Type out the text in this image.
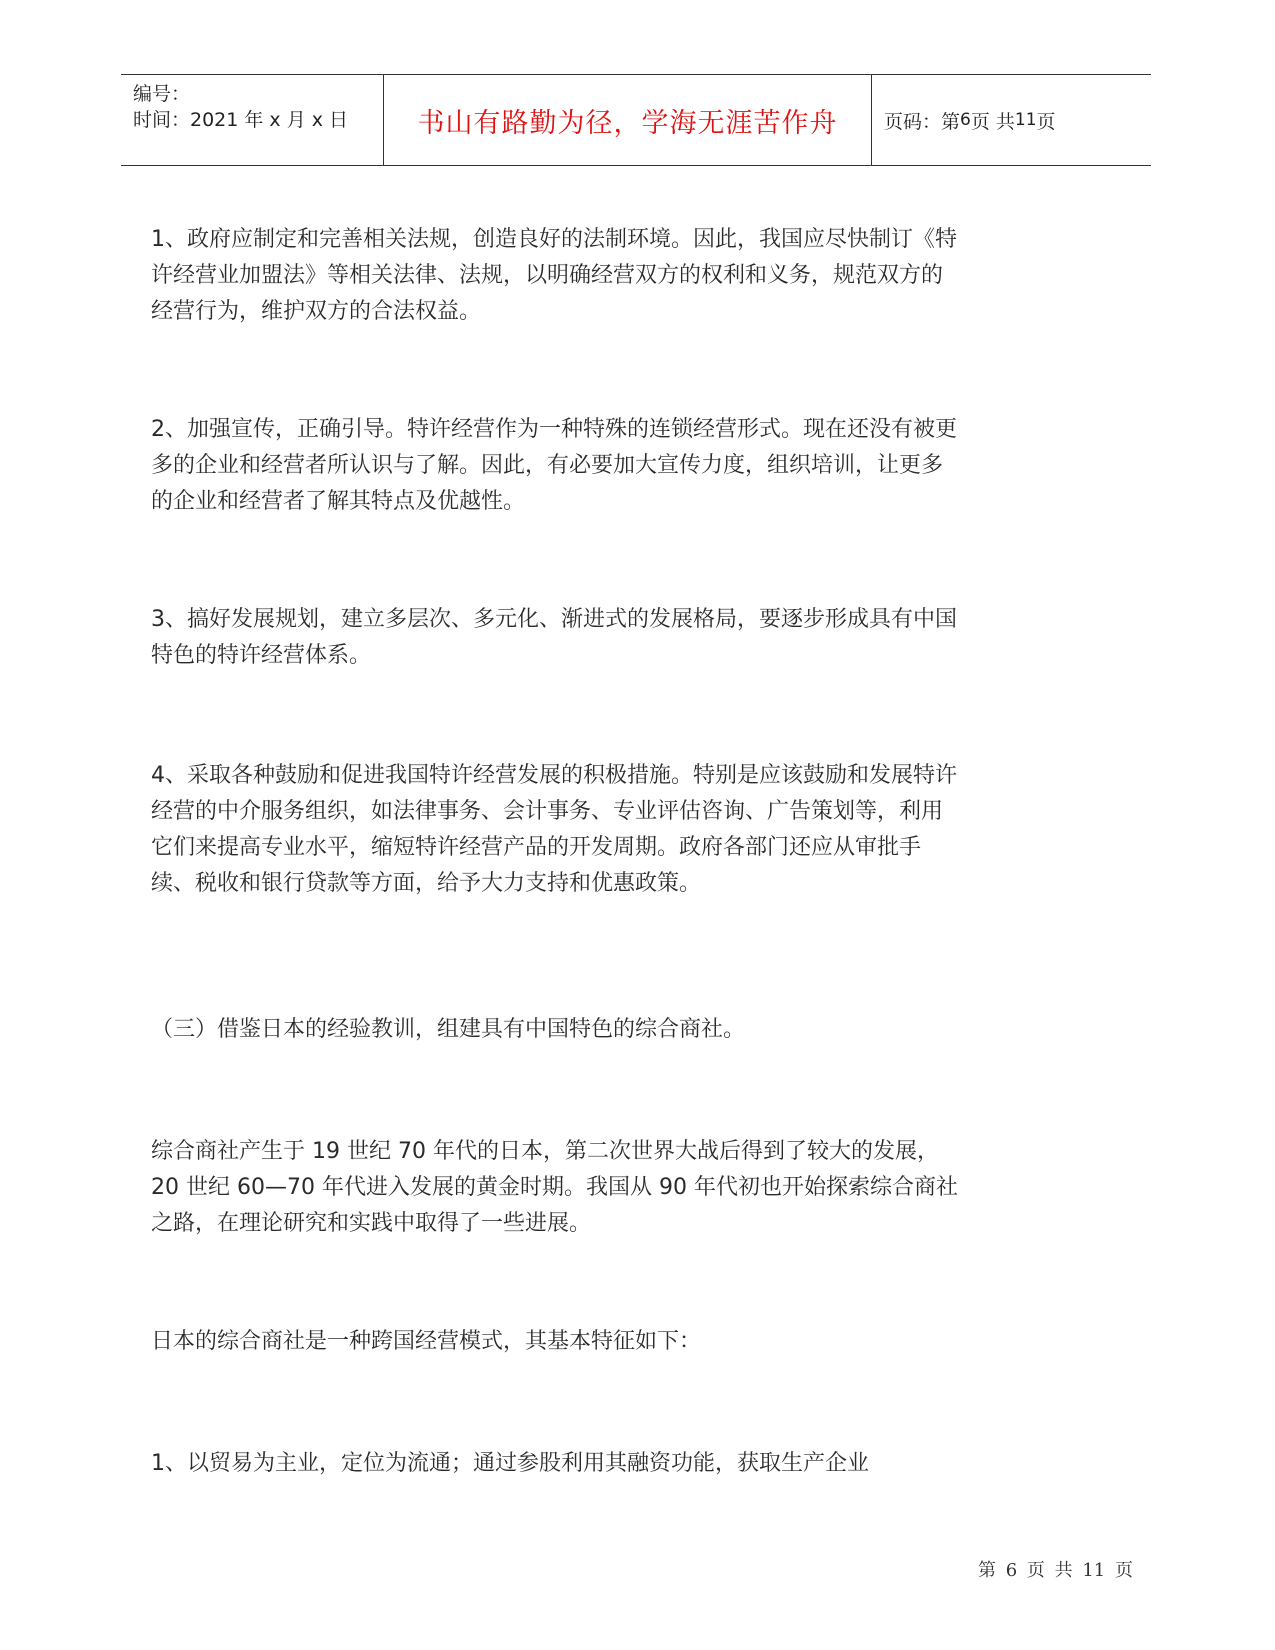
编号：
时间：2021 年 x 月 x 日	书山有路勤为径，学海无涯苦作舟 页码：第 6 页 共 11 页

1、政府应制定和完善相关法规，创造良好的法制环境。因此，我国应尽快制订《特许经营业加盟法》等相关法律、法规，以明确经营双方的权利和义务，规范双方的经营行为，维护双方的合法权益。

2、加强宣传，正确引导。特许经营作为一种特殊的连锁经营形式。现在还没有被更多的企业和经营者所认识与了解。因此，有必要加大宣传力度，组织培训，让更多的企业和经营者了解其特点及优越性。

3、搞好发展规划，建立多层次、多元化、渐进式的发展格局，要逐步形成具有中国特色的特许经营体系。

4、采取各种鼓励和促进我国特许经营发展的积极措施。特别是应该鼓励和发展特许经营的中介服务组织，如法律事务、会计事务、专业评估咨询、广告策划等，利用它们来提高专业水平，缩短特许经营产品的开发周期。政府各部门还应从审批手续、税收和银行贷款等方面，给予大力支持和优惠政策。

（三）借鉴日本的经验教训，组建具有中国特色的综合商社。

综合商社产生于 19 世纪 70 年代的日本，第二次世界大战后得到了较大的发展，20 世纪 60—70 年代进入发展的黄金时期。我国从 90 年代初也开始探索综合商社之路，在理论研究和实践中取得了一些进展。

日本的综合商社是一种跨国经营模式，其基本特征如下：

1、以贸易为主业，定位为流通；通过参股利用其融资功能，获取生产企业

第 6 页 共 11 页
